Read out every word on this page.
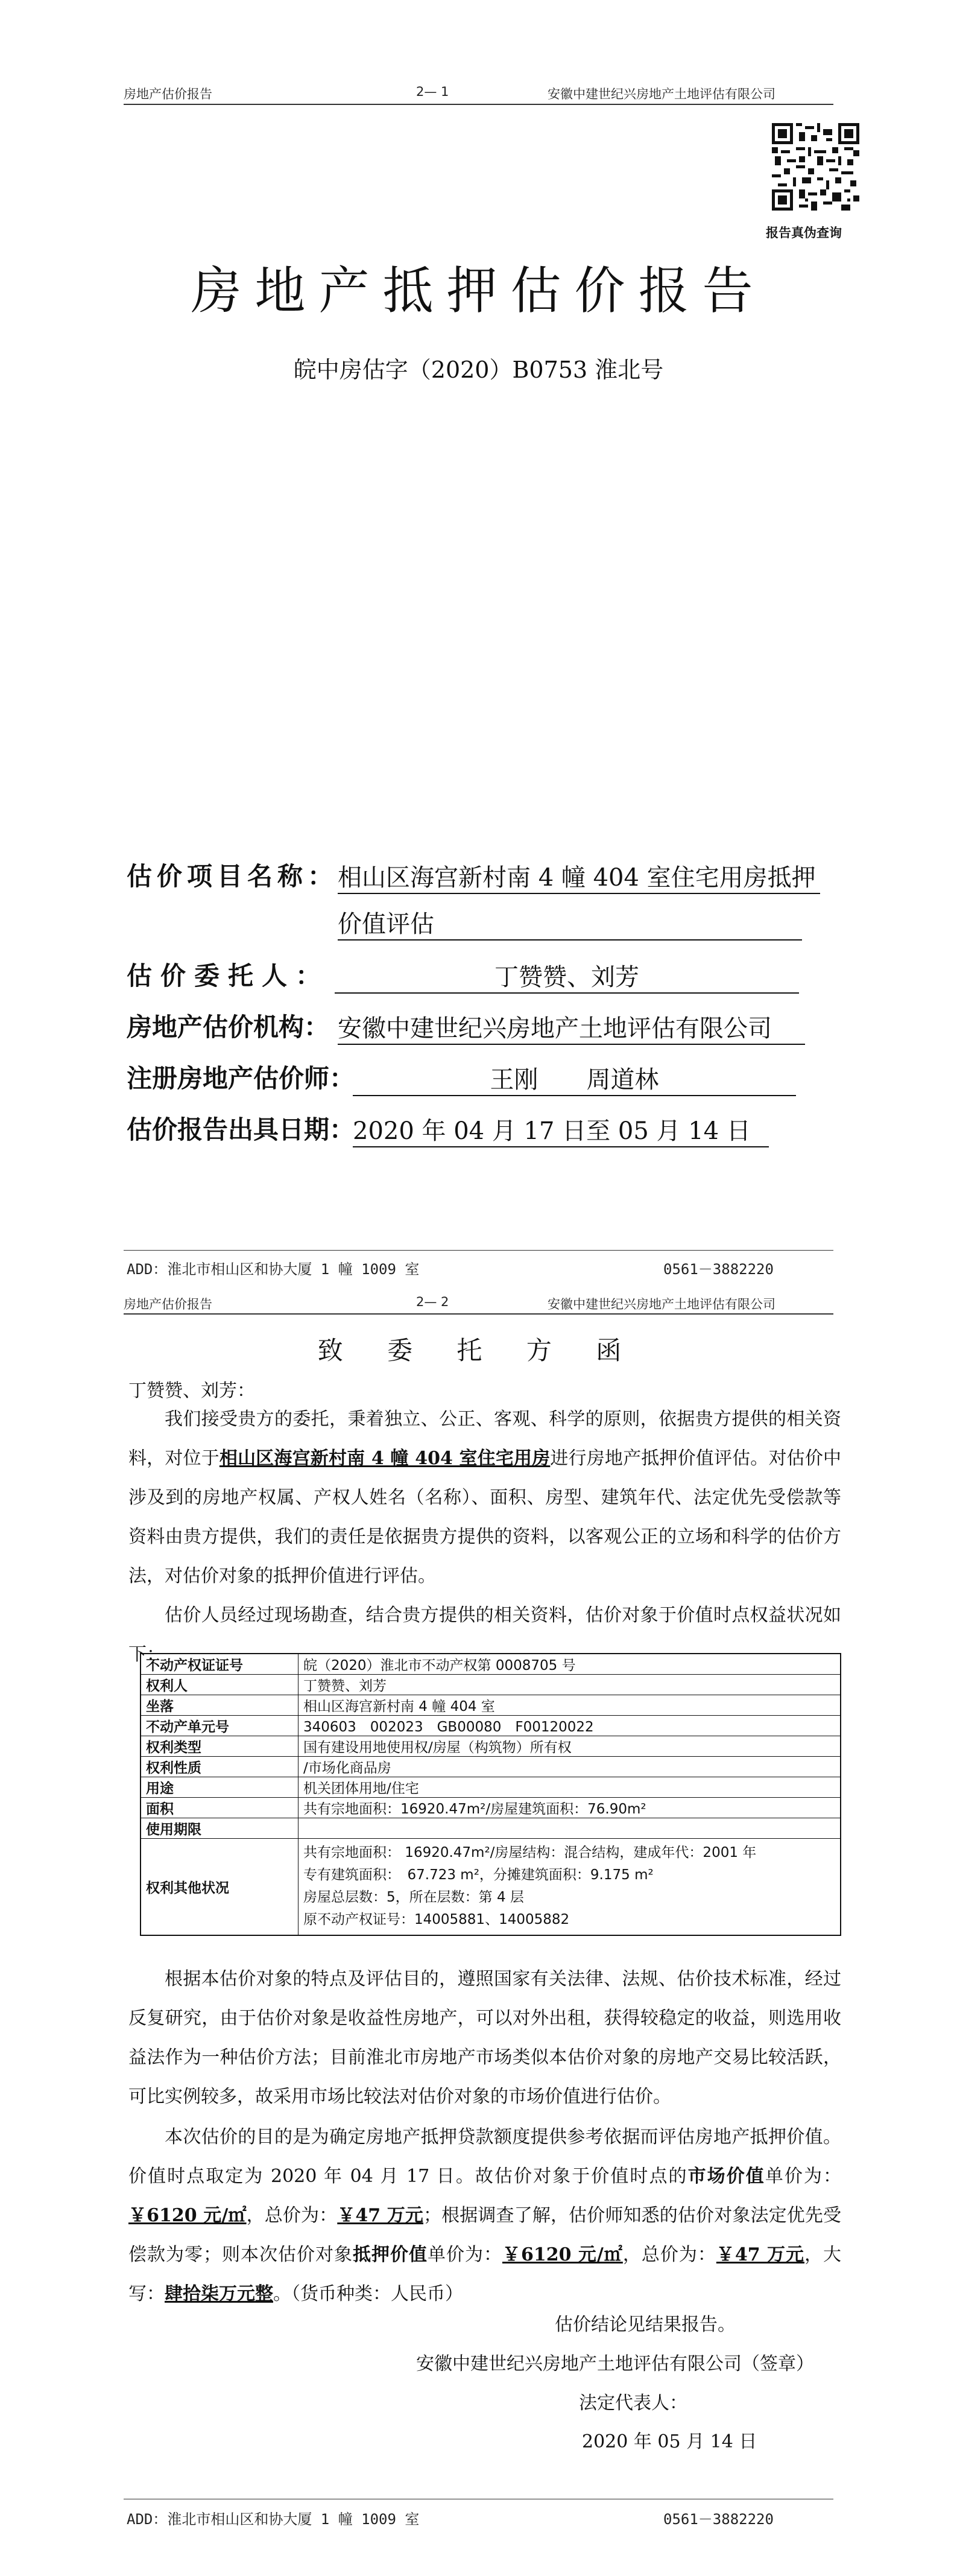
房地产估价报告	2— 1	安徽中建世纪兴房地产土地评估有限公司
报告真伪查询
房地产抵押估价报告
皖中房估字（2020）B0753 淮北号
估价项目名称： 相山区海宫新村南 4 幢 404 室住宅用房抵押
价值评估
估价委托人：	丁赞赞、刘芳
房地产估价机构： 安徽中建世纪兴房地产土地评估有限公司
注册房地产估价师：	王刚　　周道林
估价报告出具日期：
2020 年 04 月 17 日至 05 月 14 日
ADD：淮北市相山区和协大厦 1 幢 1009 室	0561－3882220
房地产估价报告	2— 2	安徽中建世纪兴房地产土地评估有限公司
致 委 托 方 函
丁赞赞、刘芳：
我们接受贵方的委托，秉着独立、公正、客观、科学的原则，依据贵方提供的相关资料，对位于相山区海宫新村南 4 幢 404 室住宅用房进行房地产抵押价值评估。对估价中涉及到的房地产权属、产权人姓名（名称）、面积、房型、建筑年代、法定优先受偿款等资料由贵方提供，我们的责任是依据贵方提供的资料，以客观公正的立场和科学的估价方法，对估价对象的抵押价值进行评估。
估价人员经过现场勘查，结合贵方提供的相关资料，估价对象于价值时点权益状况如下：
不动产权证证号	皖（2020）淮北市不动产权第 0008705 号
权利人	丁赞赞、刘芳
坐落	相山区海宫新村南 4 幢 404 室
不动产单元号	340603　002023　GB00080　F00120022
权利类型	国有建设用地使用权/房屋（构筑物）所有权
权利性质	/市场化商品房
用途	机关团体用地/住宅
面积	共有宗地面积：16920.47m²/房屋建筑面积：76.90m²
使用期限	
权利其他状况	共有宗地面积： 16920.47m²/房屋结构：混合结构，建成年代：2001 年
专有建筑面积：　67.723 m²，分摊建筑面积：9.175 m²
房屋总层数：5，所在层数：第 4 层
原不动产权证号：14005881、14005882
根据本估价对象的特点及评估目的，遵照国家有关法律、法规、估价技术标准，经过反复研究，由于估价对象是收益性房地产，可以对外出租，获得较稳定的收益，则选用收益法作为一种估价方法；目前淮北市房地产市场类似本估价对象的房地产交易比较活跃，可比实例较多，故采用市场比较法对估价对象的市场价值进行估价。
本次估价的目的是为确定房地产抵押贷款额度提供参考依据而评估房地产抵押价值。价值时点取定为 2020 年 04 月 17 日。故估价对象于价值时点的市场价值单价为：￥6120 元/㎡，总价为：￥47 万元；根据调查了解，估价师知悉的估价对象法定优先受偿款为零；则本次估价对象抵押价值单价为：￥6120 元/㎡，总价为：￥47 万元，大写：肆拾柒万元整。（货币种类：人民币）
估价结论见结果报告。
安徽中建世纪兴房地产土地评估有限公司（签章）
法定代表人：
2020 年 05 月 14 日
ADD：淮北市相山区和协大厦 1 幢 1009 室	0561－3882220
